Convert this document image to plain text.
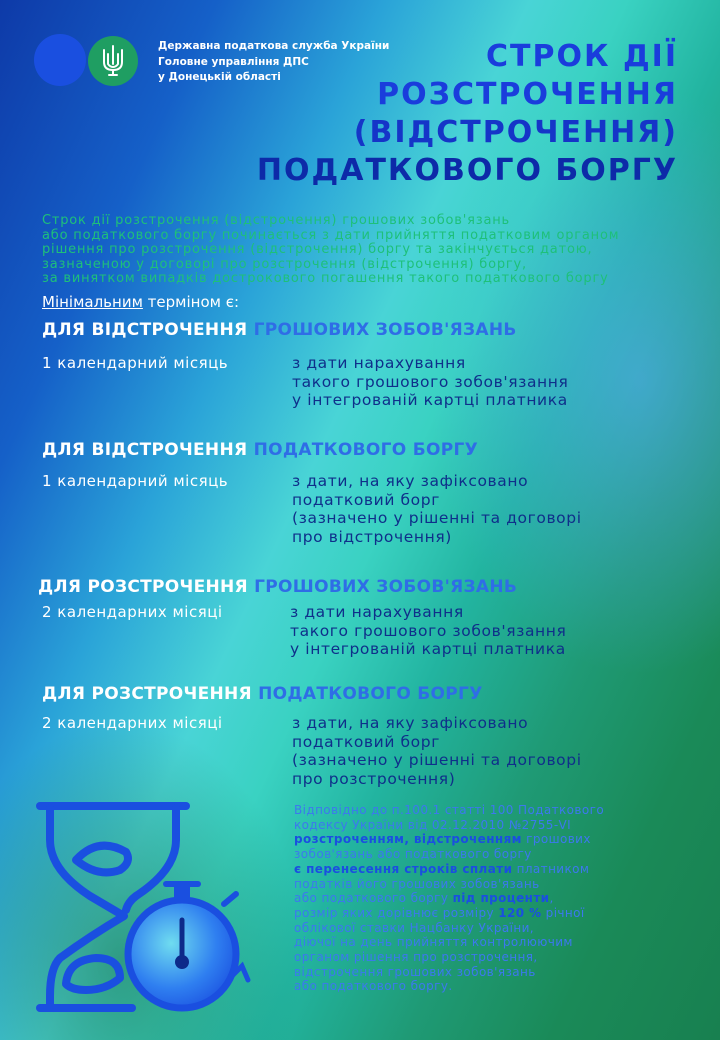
Державна податкова служба України
Головне управління ДПС
у Донецькій області
СТРОК ДІЇ
РОЗСТРОЧЕННЯ
(ВІДСТРОЧЕННЯ)
ПОДАТКОВОГО БОРГУ
Строк дії розстрочення (відстрочення) грошових зобов'язань
або податкового боргу починається з дати прийняття податковим органом
рішення про розстрочення (відстрочення) боргу та закінчується датою,
зазначеною у договорі про розстрочення (відстрочення) боргу,
за винятком випадків дострокового погашення такого податкового боргу
Мінімальним терміном є:
ДЛЯ ВІДСТРОЧЕННЯ ГРОШОВИХ ЗОБОВ'ЯЗАНЬ
1 календарний місяць	з дати нарахування
такого грошового зобов'язання
у інтегрованій картці платника
ДЛЯ ВІДСТРОЧЕННЯ ПОДАТКОВОГО БОРГУ
1 календарний місяць	з дати, на яку зафіксовано
податковий борг
(зазначено у рішенні та договорі
про відстрочення)
ДЛЯ РОЗСТРОЧЕННЯ ГРОШОВИХ ЗОБОВ'ЯЗАНЬ
2 календарних місяці	з дати нарахування
такого грошового зобов'язання
у інтегрованій картці платника
ДЛЯ РОЗСТРОЧЕННЯ ПОДАТКОВОГО БОРГУ
2 календарних місяці	з дати, на яку зафіксовано
податковий борг
(зазначено у рішенні та договорі
про розстрочення)
Відповідно до п.100.1 статті 100 Податкового
кодексу України від 02.12.2010 №2755-VI
розстроченням, відстроченням грошових
зобов'язань або податкового боргу
є перенесення строків сплати платником
податків його грошових зобов'язань
або податкового боргу під проценти,
розмір яких дорівнює розміру 120 % річної
облікової ставки Нацбанку України,
діючої на день прийняття контролюючим
органом рішення про розстрочення,
відстрочення грошових зобов'язань
або податкового боргу.
